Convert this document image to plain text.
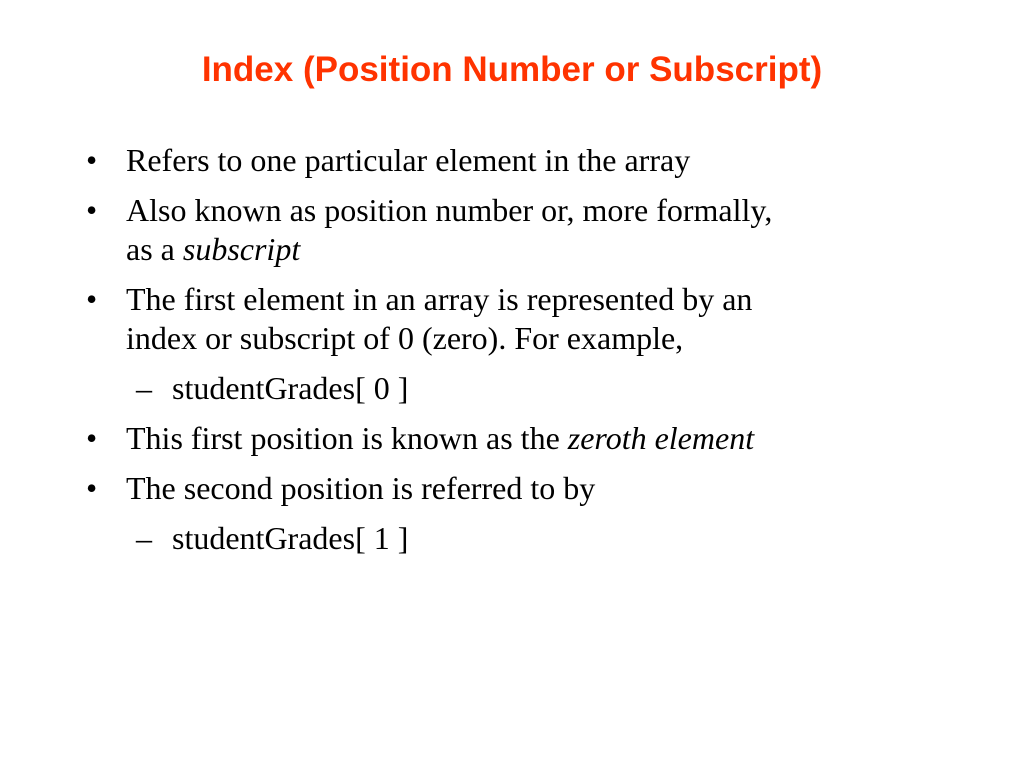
Index (Position Number or Subscript)
• Refers to one particular element in the array
• Also known as position number or, more formally,
as a subscript
• The first element in an array is represented by an
index or subscript of 0 (zero). For example,
– studentGrades[ 0 ]
• This first position is known as the zeroth element
• The second position is referred to by
– studentGrades[ 1 ]
